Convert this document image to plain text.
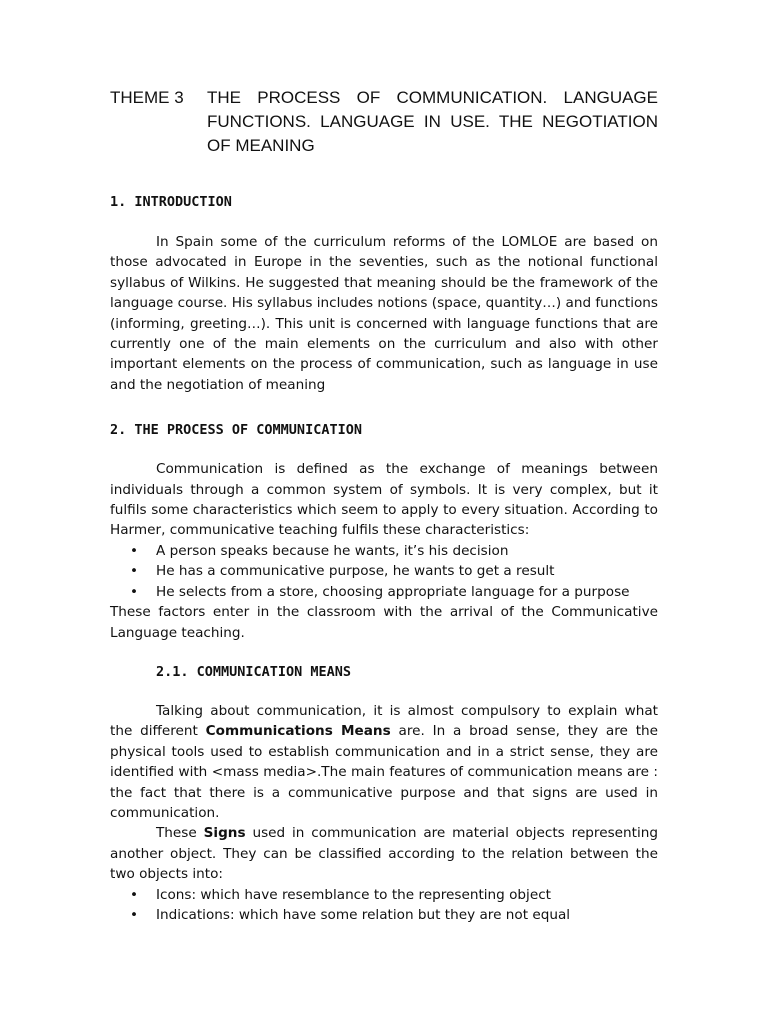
THEME 3	THE PROCESS OF COMMUNICATION. LANGUAGE FUNCTIONS. LANGUAGE IN USE. THE NEGOTIATION OF MEANING
1. INTRODUCTION

In Spain some of the curriculum reforms of the LOMLOE are based on those advocated in Europe in the seventies, such as the notional functional syllabus of Wilkins. He suggested that meaning should be the framework of the language course. His syllabus includes notions (space, quantity…) and functions (informing, greeting…). This unit is concerned with language functions that are currently one of the main elements on the curriculum and also with other important elements on the process of communication, such as language in use and the negotiation of meaning

2. THE PROCESS OF COMMUNICATION

Communication is defined as the exchange of meanings between individuals through a common system of symbols. It is very complex, but it fulfils some characteristics which seem to apply to every situation. According to Harmer, communicative teaching fulfils these characteristics:

• A person speaks because he wants, it’s his decision
• He has a communicative purpose, he wants to get a result
• He selects from a store, choosing appropriate language for a purpose

These factors enter in the classroom with the arrival of the Communicative Language teaching.

2.1. COMMUNICATION MEANS

Talking about communication, it is almost compulsory to explain what the different Communications Means are. In a broad sense, they are the physical tools used to establish communication and in a strict sense, they are identified with <mass media>.The main features of communication means are : the fact that there is a communicative purpose and that signs are used in communication.

These Signs used in communication are material objects representing another object. They can be classified according to the relation between the two objects into:

• Icons: which have resemblance to the representing object
• Indications: which have some relation but they are not equal
